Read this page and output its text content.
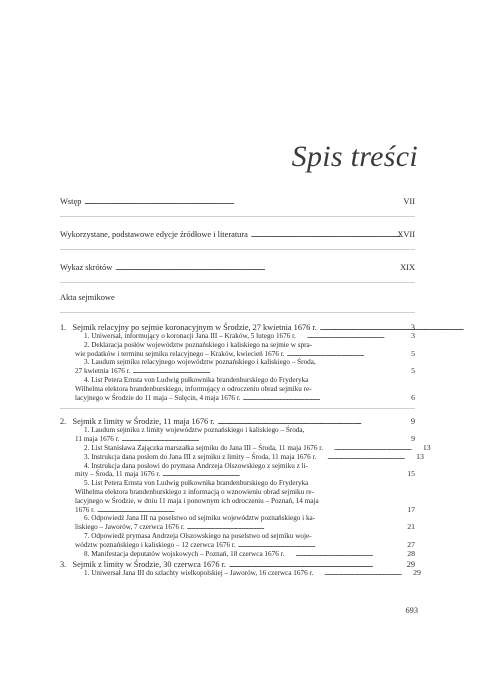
Spis treści
Wstęp . . .	VII
Wykorzystane, podstawowe edycje źródłowe i literatura . . .	XVII
Wykaz skrótów . . .	XIX
Akta sejmikowe
1. Sejmik relacyjny po sejmie koronacyjnym w Środzie, 27 kwietnia 1676 r. . . .	3
1. Uniwersał, informujący o koronacji Jana III – Kraków, 5 lutego 1676 r. . . .	3
2. Deklaracja posłów województw poznańskiego i kaliskiego na sejmie w spra-
wie podatków i terminu sejmiku relacyjnego – Kraków, kwiecień 1676 r. . . .	5
3. Laudum sejmiku relacyjnego województw poznańskiego i kaliskiego – Środa,
27 kwietnia 1676 r. . . .	5
4. List Petera Ernsta von Ludwig pułkownika brandenburskiego do Fryderyka
Wilhelma elektora brandenburskiego, informujący o odroczeniu obrad sejmiku re-
lacyjnego w Środzie do 11 maja – Sulęcin, 4 maja 1676 r. . . .	6
2. Sejmik z limity w Środzie, 11 maja 1676 r. . . .	9
1. Laudum sejmiku z limity województw poznańskiego i kaliskiego – Środa,
11 maja 1676 r. . . .	9
2. List Stanisława Zajączka marszałka sejmiku do Jana III – Środa, 11 maja 1676 r. . . .	13
3. Instrukcja dana posłom do Jana III z sejmiku z limity – Środa, 11 maja 1676 r. . . .	13
4. Instrukcja dana posłowi do prymasa Andrzeja Olszowskiego z sejmiku z li-
mity – Środa, 11 maja 1676 r. . . .	15
5. List Petera Ernsta von Ludwig pułkownika brandenburskiego do Fryderyka
Wilhelma elektora brandenburskiego z informacją o wznowieniu obrad sejmiku re-
lacyjnego w Środzie, w dniu 11 maja i ponownym ich odroczeniu – Poznań, 14 maja
1676 r. . . .	17
6. Odpowiedź Jana III na poselstwo od sejmiku województw poznańskiego i ka-
liskiego – Jaworów, 7 czerwca 1676 r. . . .	21
7. Odpowiedź prymasa Andrzeja Olszowskiego na poselstwo od sejmiku woje-
wództw poznańskiego i kaliskiego – 12 czerwca 1676 r. . . .	27
8. Manifestacja deputatów wojskowych – Poznań, 18 czerwca 1676 r. . . .	28
3. Sejmik z limity w Środzie, 30 czerwca 1676 r. . . .	29
1. Uniwersał Jana III do szlachty wielkopolskiej – Jaworów, 16 czerwca 1676 r. . . .	29
693
